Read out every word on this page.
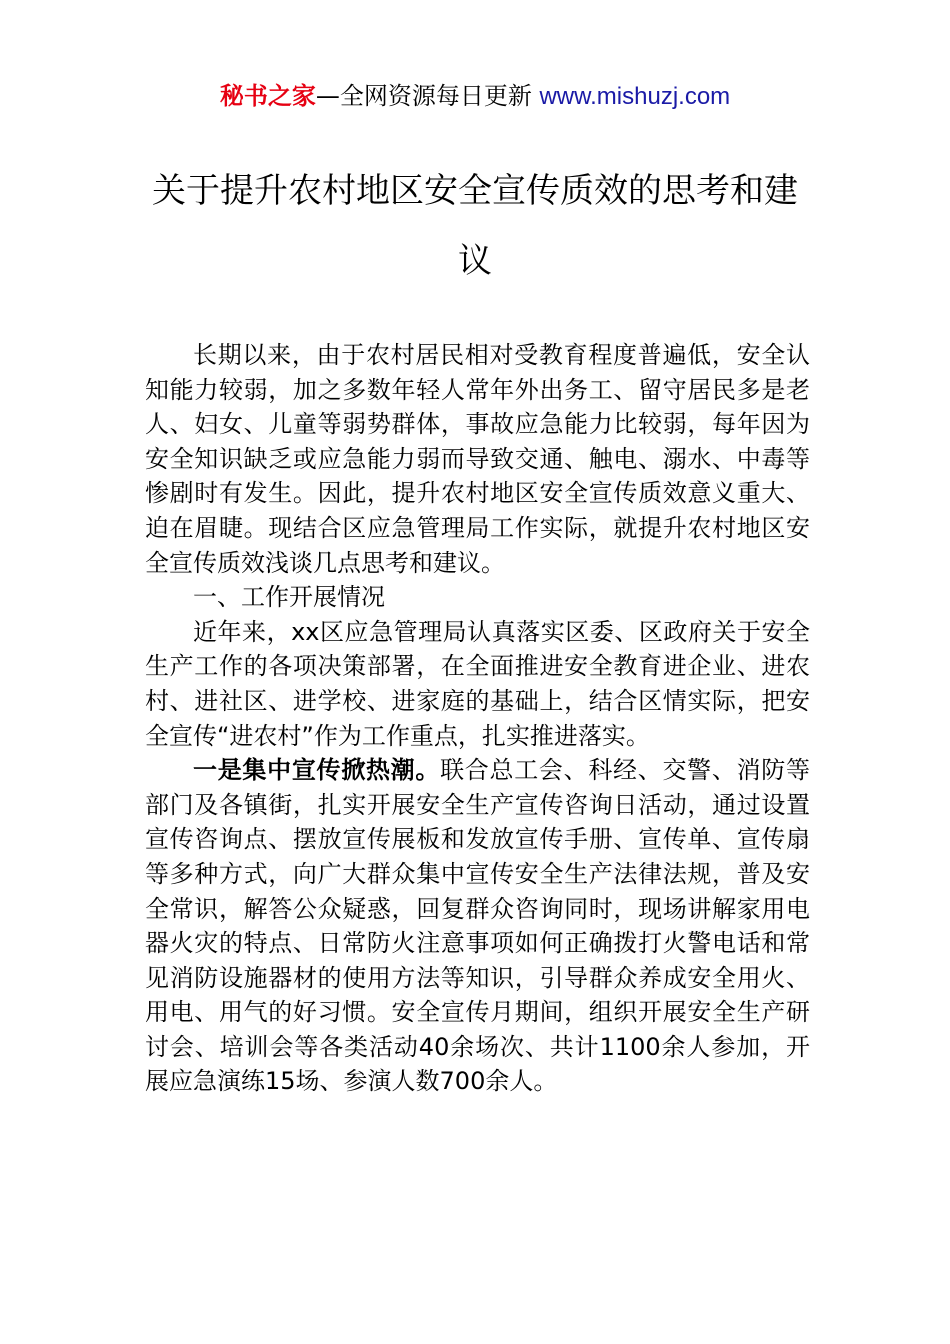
秘书之家—全网资源每日更新 www.mishuzj.com
关于提升农村地区安全宣传质效的思考和建议

长期以来，由于农村居民相对受教育程度普遍低，安全认知能力较弱，加之多数年轻人常年外出务工、留守居民多是老人、妇女、儿童等弱势群体，事故应急能力比较弱，每年因为安全知识缺乏或应急能力弱而导致交通、触电、溺水、中毒等惨剧时有发生。因此，提升农村地区安全宣传质效意义重大、迫在眉睫。现结合区应急管理局工作实际，就提升农村地区安全宣传质效浅谈几点思考和建议。

一、工作开展情况

近年来，xx区应急管理局认真落实区委、区政府关于安全生产工作的各项决策部署，在全面推进安全教育进企业、进农村、进社区、进学校、进家庭的基础上，结合区情实际，把安全宣传“进农村”作为工作重点，扎实推进落实。

一是集中宣传掀热潮。联合总工会、科经、交警、消防等部门及各镇街，扎实开展安全生产宣传咨询日活动，通过设置宣传咨询点、摆放宣传展板和发放宣传手册、宣传单、宣传扇等多种方式，向广大群众集中宣传安全生产法律法规，普及安全常识，解答公众疑惑，回复群众咨询同时，现场讲解家用电器火灾的特点、日常防火注意事项如何正确拨打火警电话和常见消防设施器材的使用方法等知识，引导群众养成安全用火、用电、用气的好习惯。安全宣传月期间，组织开展安全生产研讨会、培训会等各类活动40余场次、共计1100余人参加，开展应急演练15场、参演人数700余人。
